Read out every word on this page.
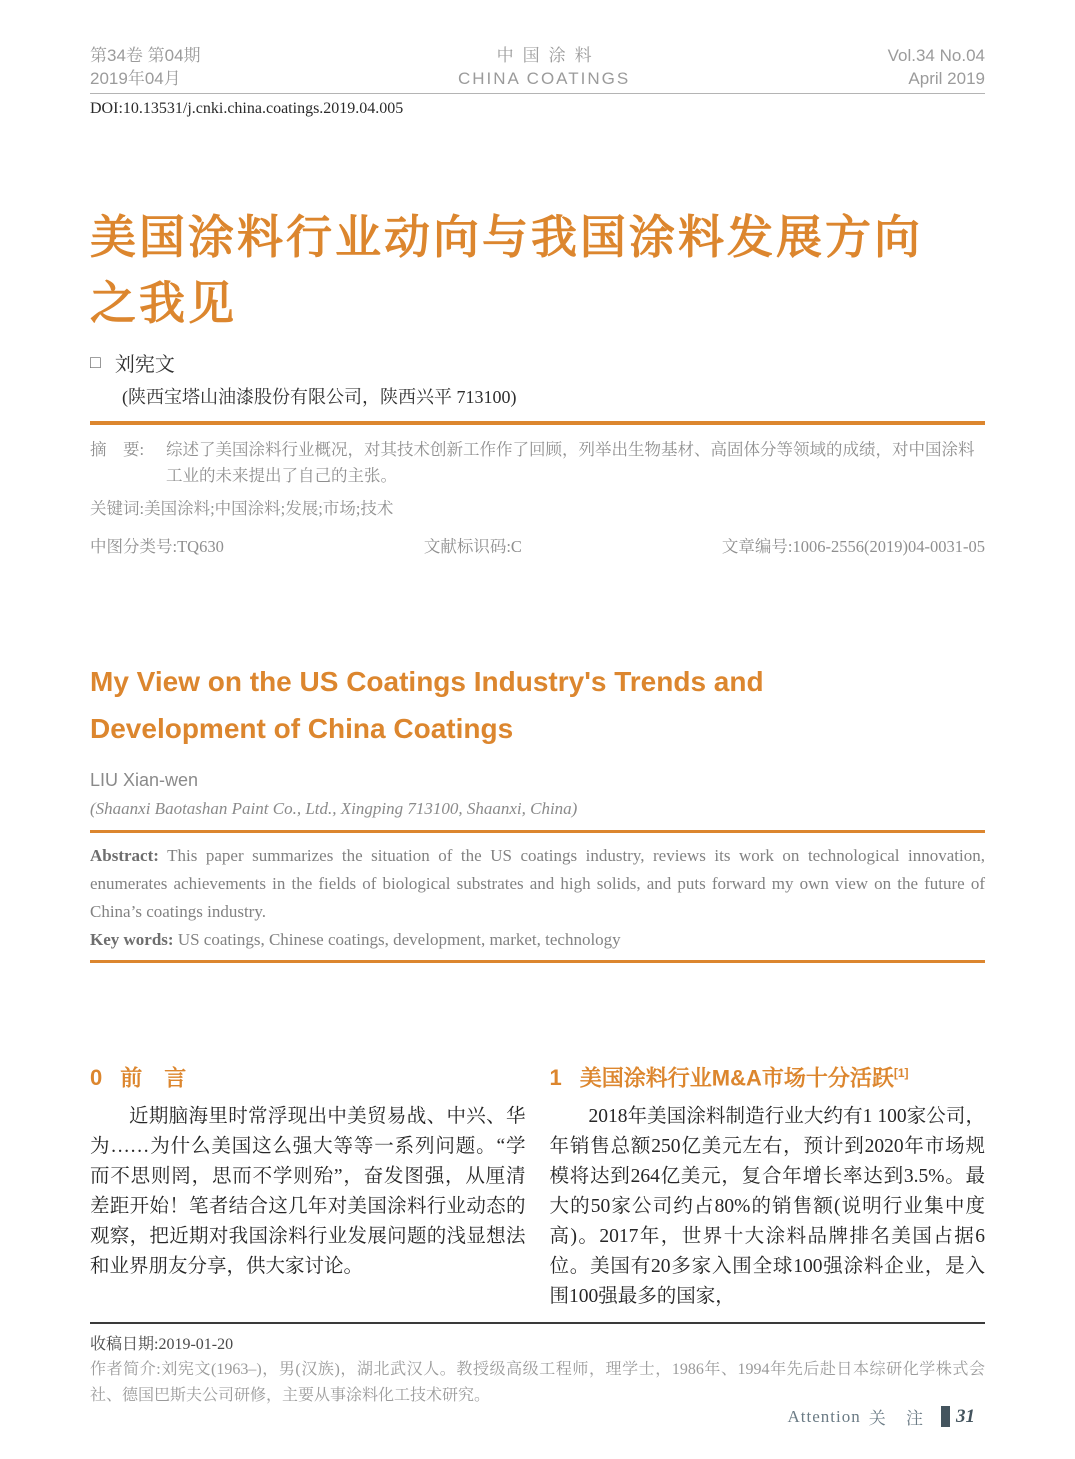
第34卷 第04期
2019年04月
中国涂料
CHINA COATINGS
Vol.34 No.04
April 2019
DOI:10.13531/j.cnki.china.coatings.2019.04.005
美国涂料行业动向与我国涂料发展方向之我见
□ 刘宪文
(陕西宝塔山油漆股份有限公司，陕西兴平 713100)
摘　要:	综述了美国涂料行业概况，对其技术创新工作作了回顾，列举出生物基材、高固体分等领域的成绩，对中国涂料工业的未来提出了自己的主张。
关键词:美国涂料;中国涂料;发展;市场;技术
中图分类号:TQ630	文献标识码:C	文章编号:1006-2556(2019)04-0031-05
My View on the US Coatings Industry's Trends and Development of China Coatings
LIU Xian-wen
(Shaanxi Baotashan Paint Co., Ltd., Xingping 713100, Shaanxi, China)
Abstract: This paper summarizes the situation of the US coatings industry, reviews its work on technological innovation, enumerates achievements in the fields of biological substrates and high solids, and puts forward my own view on the future of China’s coatings industry.
Key words: US coatings, Chinese coatings, development, market, technology
0 前　言

近期脑海里时常浮现出中美贸易战、中兴、华为……为什么美国这么强大等等一系列问题。“学而不思则罔，思而不学则殆”，奋发图强，从厘清差距开始！笔者结合这几年对美国涂料行业动态的观察，把近期对我国涂料行业发展问题的浅显想法和业界朋友分享，供大家讨论。

1 美国涂料行业M&A市场十分活跃[1]

2018年美国涂料制造行业大约有1 100家公司，年销售总额250亿美元左右，预计到2020年市场规模将达到264亿美元，复合年增长率达到3.5%。最大的50家公司约占80%的销售额(说明行业集中度高)。2017年，世界十大涂料品牌排名美国占据6位。美国有20多家入围全球100强涂料企业，是入围100强最多的国家，

收稿日期:2019-01-20
作者简介:刘宪文(1963–)，男(汉族)，湖北武汉人。教授级高级工程师，理学士，1986年、1994年先后赴日本综研化学株式会社、德国巴斯夫公司研修，主要从事涂料化工技术研究。
Attention 关 注 31
